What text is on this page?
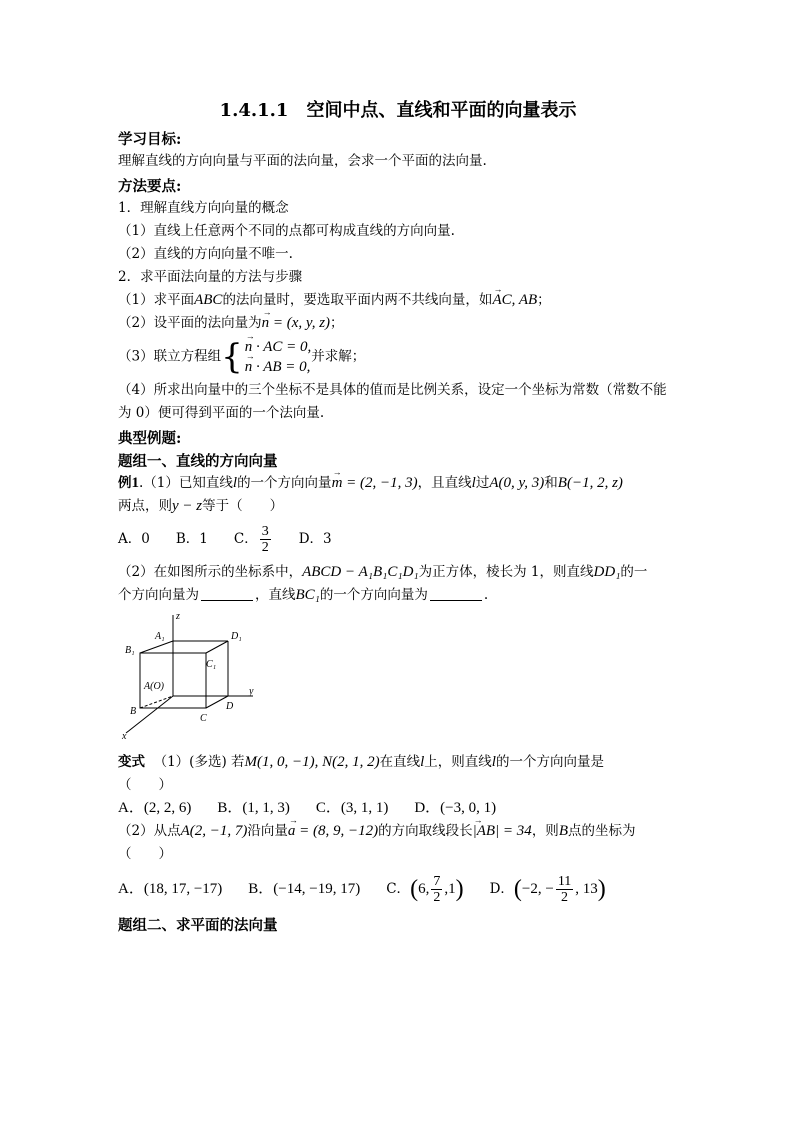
1.4.1.1　空间中点、直线和平面的向量表示
学习目标:

理解直线的方向向量与平面的法向量，会求一个平面的法向量.

方法要点:

1．理解直线方向向量的概念

（1）直线上任意两个不同的点都可构成直线的方向向量.

（2）直线的方向向量不唯一.

2．求平面法向量的方法与步骤

（1）求平面ABC的法向量时，要选取平面内两不共线向量，如→ AC, AB；

（2）设平面的法向量为→ n = (x, y, z)；

（3）联立方程组 {
→ n · AC = 0,
→ n · AB = 0,
并求解；

（4）所求出向量中的三个坐标不是具体的值而是比例关系，设定一个坐标为常数（常数不能为 0）便可得到平面的一个法向量.

典型例题:
题组一、直线的方向向量

例1.（1）已知直线l的一个方向向量→ m = (2, −1, 3)，且直线l过A(0, y, 3)和B(−1, 2, z)

两点，则y − z等于（　　）

A．0 B．1 C． $\frac{3}{2}$ D．3

（2）在如图所示的坐标系中，ABCD − A₁B₁C₁D₁为正方体，棱长为 1，则直线DD₁的一

个方向向量为	，直线BC₁的一个方向向量为	.

z
y
x
A₁	D₁
B₁
C₁
A(O)
B
C
D

变式 （1）(多选) 若M(1, 0, −1), N(2, 1, 2)在直线l上，则直线l的一个方向向量是

（　　）

A．(2, 2, 6) B．(1, 1, 3) C．(3, 1, 1) D．(−3, 0, 1)

（2）从点A(2, −1, 7)沿向量→ a = (8, 9, −12)的方向取线段长→ |AB| = 34，则B点的坐标为

（　　）

A．(18, 17, −17) B．(−14, −19, 17) C．(6, $\frac{7}{2} ,1$) D．(−2, − $\frac{11}{2}$ , 13)

题组二、求平面的法向量
